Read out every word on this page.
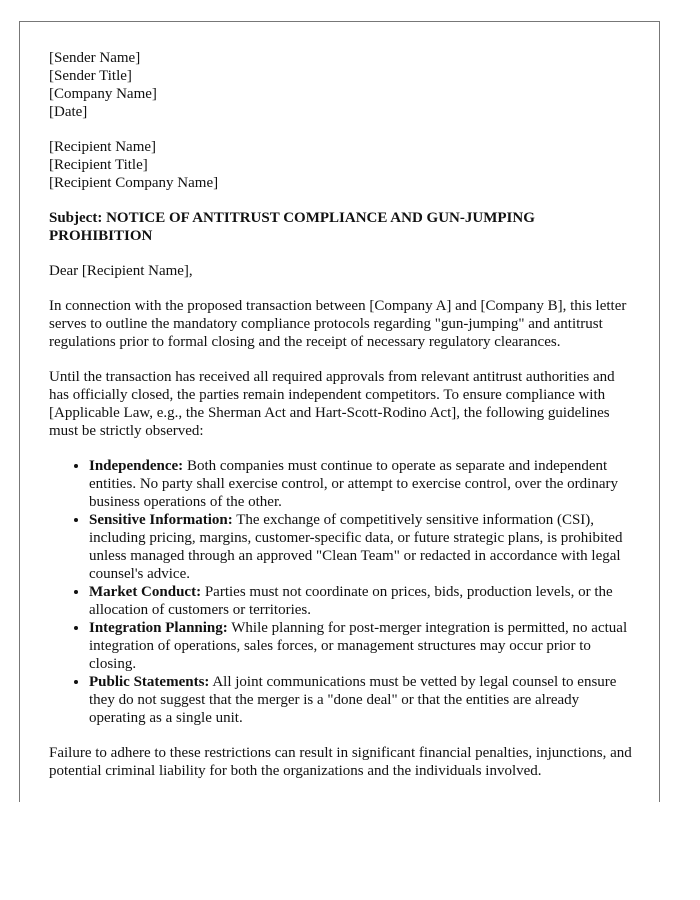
[Sender Name]
[Sender Title]
[Company Name]
[Date]
[Recipient Name]
[Recipient Title]
[Recipient Company Name]

Subject: NOTICE OF ANTITRUST COMPLIANCE AND GUN-JUMPING PROHIBITION

Dear [Recipient Name],

In connection with the proposed transaction between [Company A] and [Company B], this letter serves to outline the mandatory compliance protocols regarding "gun-jumping" and antitrust regulations prior to formal closing and the receipt of necessary regulatory clearances.

Until the transaction has received all required approvals from relevant antitrust authorities and has officially closed, the parties remain independent competitors. To ensure compliance with [Applicable Law, e.g., the Sherman Act and Hart-Scott-Rodino Act], the following guidelines must be strictly observed:

• Independence: Both companies must continue to operate as separate and independent entities. No party shall exercise control, or attempt to exercise control, over the ordinary business operations of the other.
• Sensitive Information: The exchange of competitively sensitive information (CSI), including pricing, margins, customer-specific data, or future strategic plans, is prohibited unless managed through an approved "Clean Team" or redacted in accordance with legal counsel's advice.
• Market Conduct: Parties must not coordinate on prices, bids, production levels, or the allocation of customers or territories.
• Integration Planning: While planning for post-merger integration is permitted, no actual integration of operations, sales forces, or management structures may occur prior to closing.
• Public Statements: All joint communications must be vetted by legal counsel to ensure they do not suggest that the merger is a "done deal" or that the entities are already operating as a single unit.

Failure to adhere to these restrictions can result in significant financial penalties, injunctions, and potential criminal liability for both the organizations and the individuals involved.
